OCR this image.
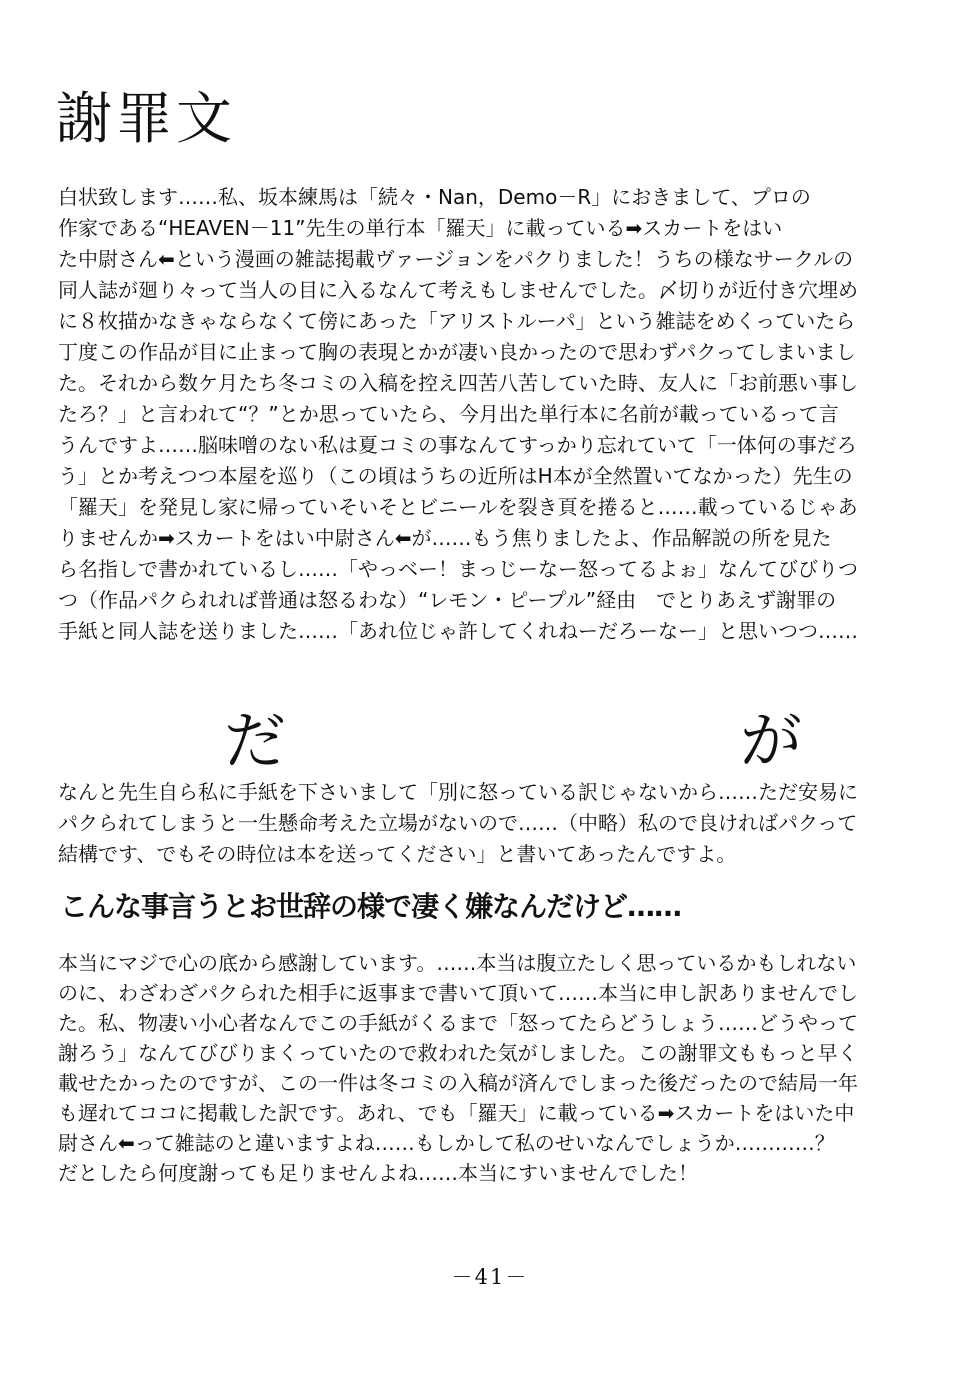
謝罪文
白状致します……私、坂本練馬は「続々・Nan，Demo－R」におきまして、プロの
作家である“HEAVEN－11”先生の単行本「羅天」に載っている➡スカートをはい
た中尉さん⬅という漫画の雑誌掲載ヴァージョンをパクりました！うちの様なサークルの
同人誌が廻り々って当人の目に入るなんて考えもしませんでした。〆切りが近付き穴埋め
に８枚描かなきゃならなくて傍にあった「アリストルーパ」という雑誌をめくっていたら
丁度この作品が目に止まって胸の表現とかが凄い良かったので思わずパクってしまいまし
た。それから数ケ月たち冬コミの入稿を控え四苦八苦していた時、友人に「お前悪い事し
たろ？」と言われて“？”とか思っていたら、今月出た単行本に名前が載っているって言
うんですよ……脳味噌のない私は夏コミの事なんてすっかり忘れていて「一体何の事だろ
う」とか考えつつ本屋を巡り（この頃はうちの近所はH本が全然置いてなかった）先生の
「羅天」を発見し家に帰っていそいそとビニールを裂き頁を捲ると……載っているじゃあ
りませんか➡スカートをはい中尉さん⬅が……もう焦りましたよ、作品解説の所を見た
ら名指しで書かれているし……「やっベー！まっじーなー怒ってるよぉ」なんてびびりつ
つ（作品パクられれば普通は怒るわな）“レモン・ピープル”経由　でとりあえず謝罪の
手紙と同人誌を送りました……「あれ位じゃ許してくれねーだろーなー」と思いつつ……
だ	が
なんと先生自ら私に手紙を下さいまして「別に怒っている訳じゃないから……ただ安易に
パクられてしまうと一生懸命考えた立場がないので……（中略）私ので良ければパクって
結構です、でもその時位は本を送ってください」と書いてあったんですよ。
こんな事言うとお世辞の様で凄く嫌なんだけど……
本当にマジで心の底から感謝しています。……本当は腹立たしく思っているかもしれない
のに、わざわざパクられた相手に返事まで書いて頂いて……本当に申し訳ありませんでし
た。私、物凄い小心者なんでこの手紙がくるまで「怒ってたらどうしょう……どうやって
謝ろう」なんてびびりまくっていたので救われた気がしました。この謝罪文ももっと早く
載せたかったのですが、この一件は冬コミの入稿が済んでしまった後だったので結局一年
も遅れてココに掲載した訳です。あれ、でも「羅天」に載っている➡スカートをはいた中
尉さん⬅って雑誌のと違いますよね……もしかして私のせいなんでしょうか…………？
だとしたら何度謝っても足りませんよね……本当にすいませんでした！
－41－
